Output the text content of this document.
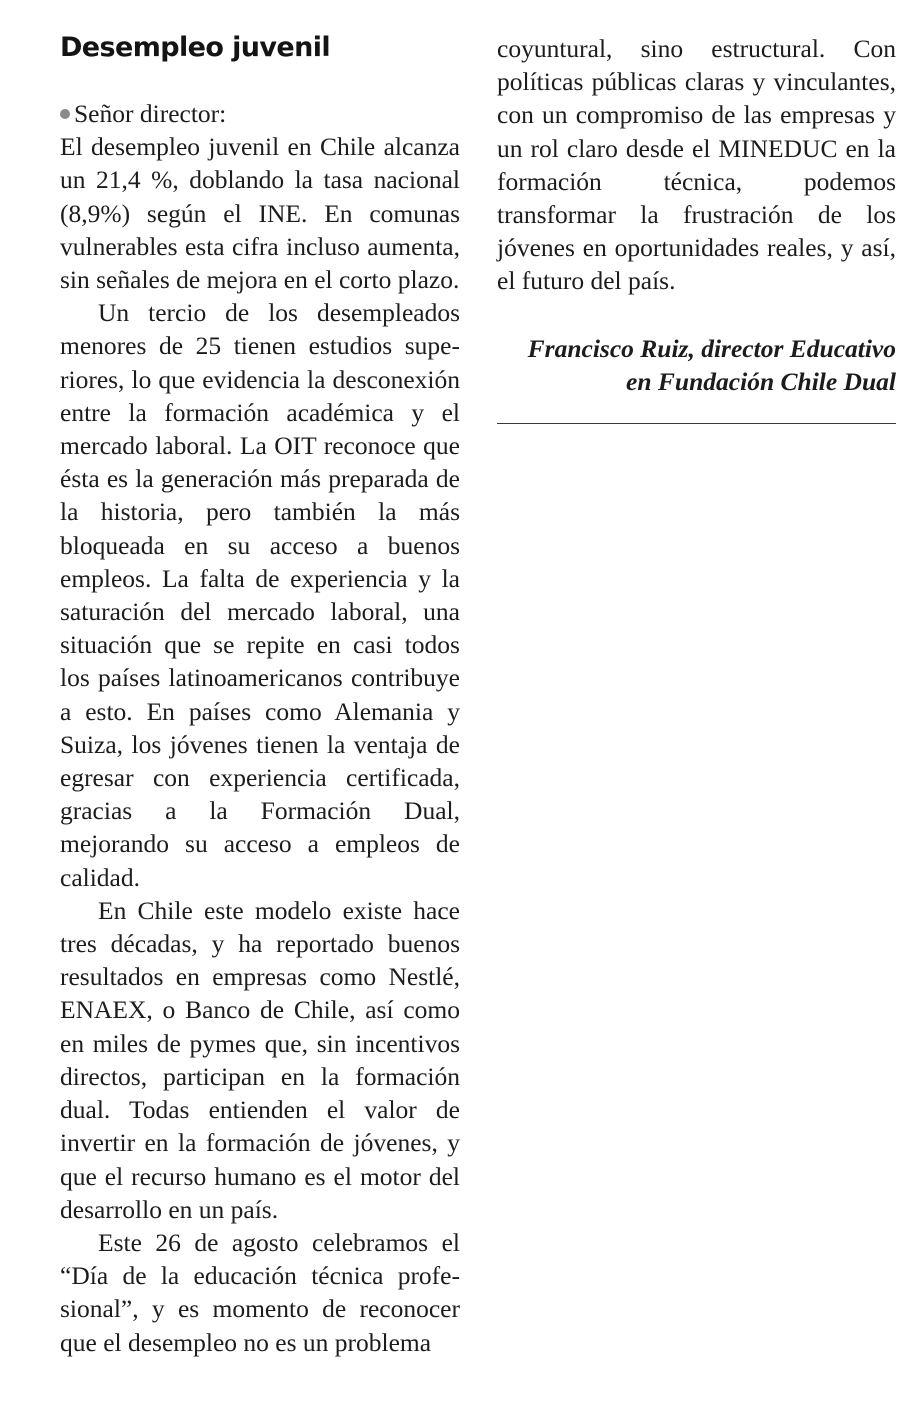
Desempleo juvenil
Señor director:

El desempleo juvenil en Chile alcanza un 21,4 %, doblando la tasa nacional (8,9%) según el INE. En comunas vulnerables esta cifra incluso aumenta, sin señales de mejora en el corto plazo.

Un tercio de los desempleados menores de 25 tienen estudios superiores, lo que evidencia la desconexión entre la formación académica y el mercado laboral. La OIT reconoce que ésta es la generación más preparada de la historia, pero también la más bloqueada en su acceso a buenos empleos. La falta de experiencia y la saturación del mercado laboral, una situación que se repite en casi todos los países latinoamericanos contribuye a esto. En países como Alemania y Suiza, los jóvenes tienen la ventaja de egresar con experiencia certificada, gracias a la Formación Dual, mejorando su acceso a empleos de calidad.

En Chile este modelo existe hace tres décadas, y ha reportado buenos resultados en empresas como Nestlé, ENAEX, o Banco de Chile, así como en miles de pymes que, sin incentivos directos, participan en la formación dual. Todas entienden el valor de invertir en la formación de jóvenes, y que el recurso humano es el motor del desarrollo en un país.

Este 26 de agosto celebramos el “Día de la educación técnica profesional”, y es momento de reconocer que el desempleo no es un problema

coyuntural, sino estructural. Con políticas públicas claras y vinculantes, con un compromiso de las empresas y un rol claro desde el MINEDUC en la formación técnica, podemos transformar la frustración de los jóvenes en oportunidades reales, y así, el futuro del país.

Francisco Ruiz, director Educativo
en Fundación Chile Dual
